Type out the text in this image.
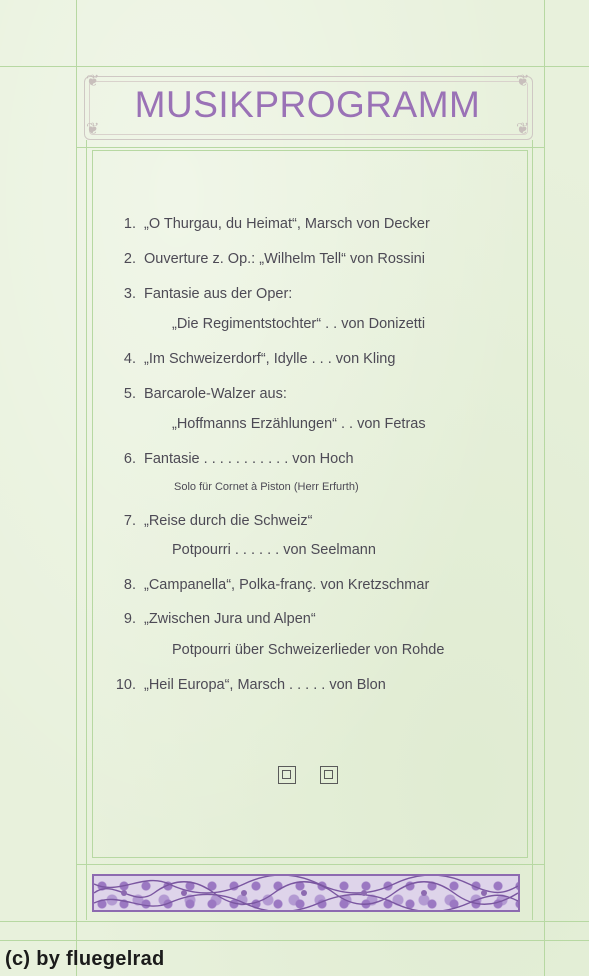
❦
❦
❦
❦
MUSIKPROGRAMM
1. „O Thurgau, du Heimat“, Marsch von Decker
2. Ouverture z. Op.: „Wilhelm Tell“ von Rossini
3. Fantasie aus der Oper:
„Die Regimentstochter“ . . von Donizetti
4. „Im Schweizerdorf“, Idylle . . . von Kling
5. Barcarole-Walzer aus:
„Hoffmanns Erzählungen“ . . von Fetras
6. Fantasie . . . . . . . . . . . von Hoch
Solo für Cornet à Piston (Herr Erfurth)
7. „Reise durch die Schweiz“
Potpourri . . . . . . von Seelmann
8. „Campanella“, Polka-franç. von Kretzschmar
9. „Zwischen Jura und Alpen“
Potpourri über Schweizerlieder von Rohde
10. „Heil Europa“, Marsch . . . . . von Blon
(c) by fluegelrad
